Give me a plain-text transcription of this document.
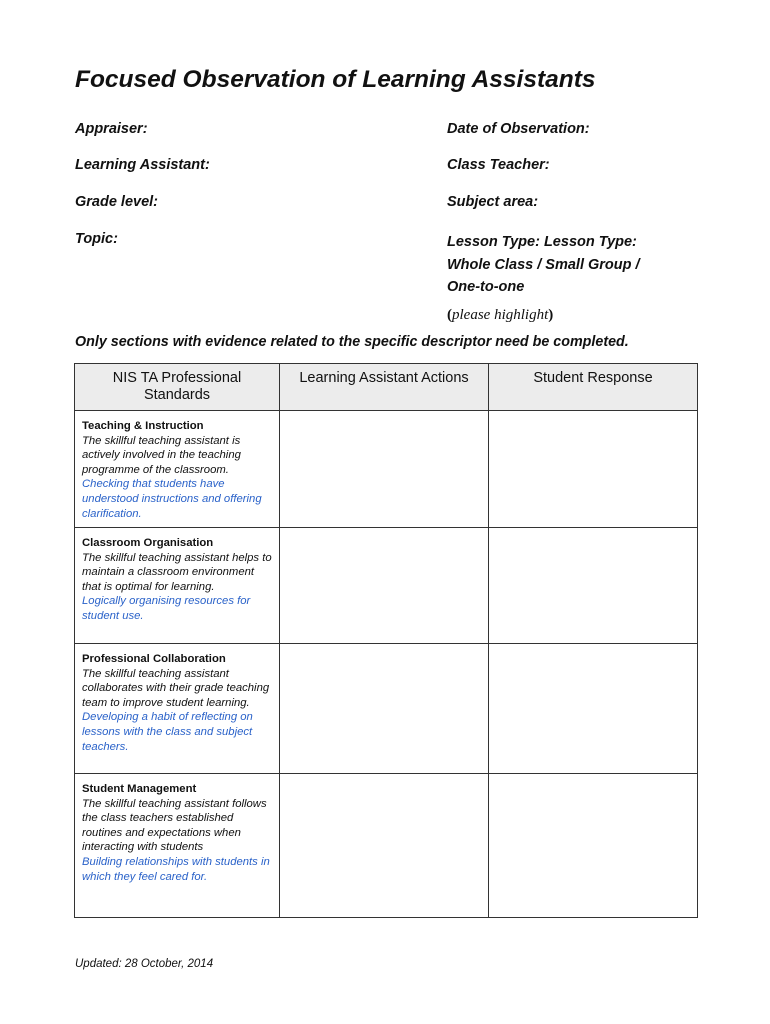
Focused Observation of Learning Assistants
Appraiser:	Date of Observation:
Learning Assistant:	Class Teacher:
Grade level:	Subject area:
Topic:	Lesson Type: Lesson Type:
Whole Class / Small Group /
One-to-one
(please highlight)
Only sections with evidence related to the specific descriptor need be completed.
NIS TA Professional Standards	Learning Assistant Actions	Student Response

Teaching & Instruction
The skillful teaching assistant is actively involved in the teaching programme of the classroom.
Checking that students have understood instructions and offering clarification.		

Classroom Organisation
The skillful teaching assistant helps to maintain a classroom environment that is optimal for learning.
Logically organising resources for student use.		

Professional Collaboration
The skillful teaching assistant collaborates with their grade teaching team to improve student learning.
Developing a habit of reflecting on lessons with the class and subject teachers.		

Student Management
The skillful teaching assistant follows the class teachers established routines and expectations when interacting with students
Building relationships with students in which they feel cared for.		

Updated: 28 October, 2014
